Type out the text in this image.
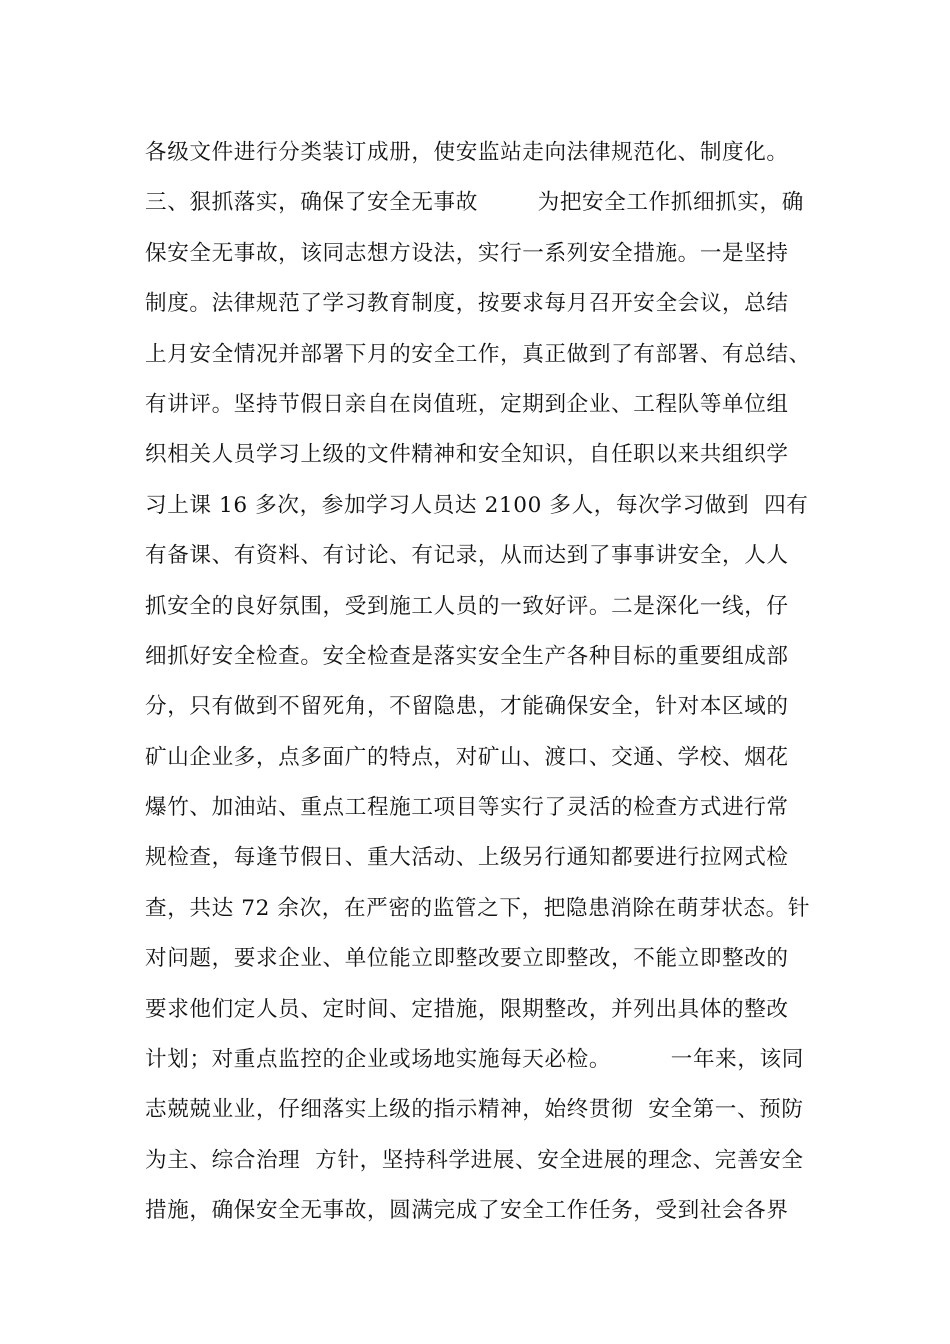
各级文件进行分类装订成册，使安监站走向法律规范化、制度化。
三、狠抓落实，确保了安全无事故        为把安全工作抓细抓实，确
保安全无事故，该同志想方设法，实行一系列安全措施。一是坚持
制度。法律规范了学习教育制度，按要求每月召开安全会议，总结
上月安全情况并部署下月的安全工作，真正做到了有部署、有总结、
有讲评。坚持节假日亲自在岗值班，定期到企业、工程队等单位组
织相关人员学习上级的文件精神和安全知识，自任职以来共组织学
习上课 16 多次，参加学习人员达 2100 多人，每次学习做到  四有
有备课、有资料、有讨论、有记录，从而达到了事事讲安全，人人
抓安全的良好氛围，受到施工人员的一致好评。二是深化一线，仔
细抓好安全检查。安全检查是落实安全生产各种目标的重要组成部
分，只有做到不留死角，不留隐患，才能确保安全，针对本区域的
矿山企业多，点多面广的特点，对矿山、渡口、交通、学校、烟花
爆竹、加油站、重点工程施工项目等实行了灵活的检查方式进行常
规检查，每逢节假日、重大活动、上级另行通知都要进行拉网式检
查，共达 72 余次，在严密的监管之下，把隐患消除在萌芽状态。针
对问题，要求企业、单位能立即整改要立即整改，不能立即整改的
要求他们定人员、定时间、定措施，限期整改，并列出具体的整改
计划；对重点监控的企业或场地实施每天必检。        一年来，该同
志兢兢业业，仔细落实上级的指示精神，始终贯彻  安全第一、预防
为主、综合治理  方针，坚持科学进展、安全进展的理念、完善安全
措施，确保安全无事故，圆满完成了安全工作任务，受到社会各界
